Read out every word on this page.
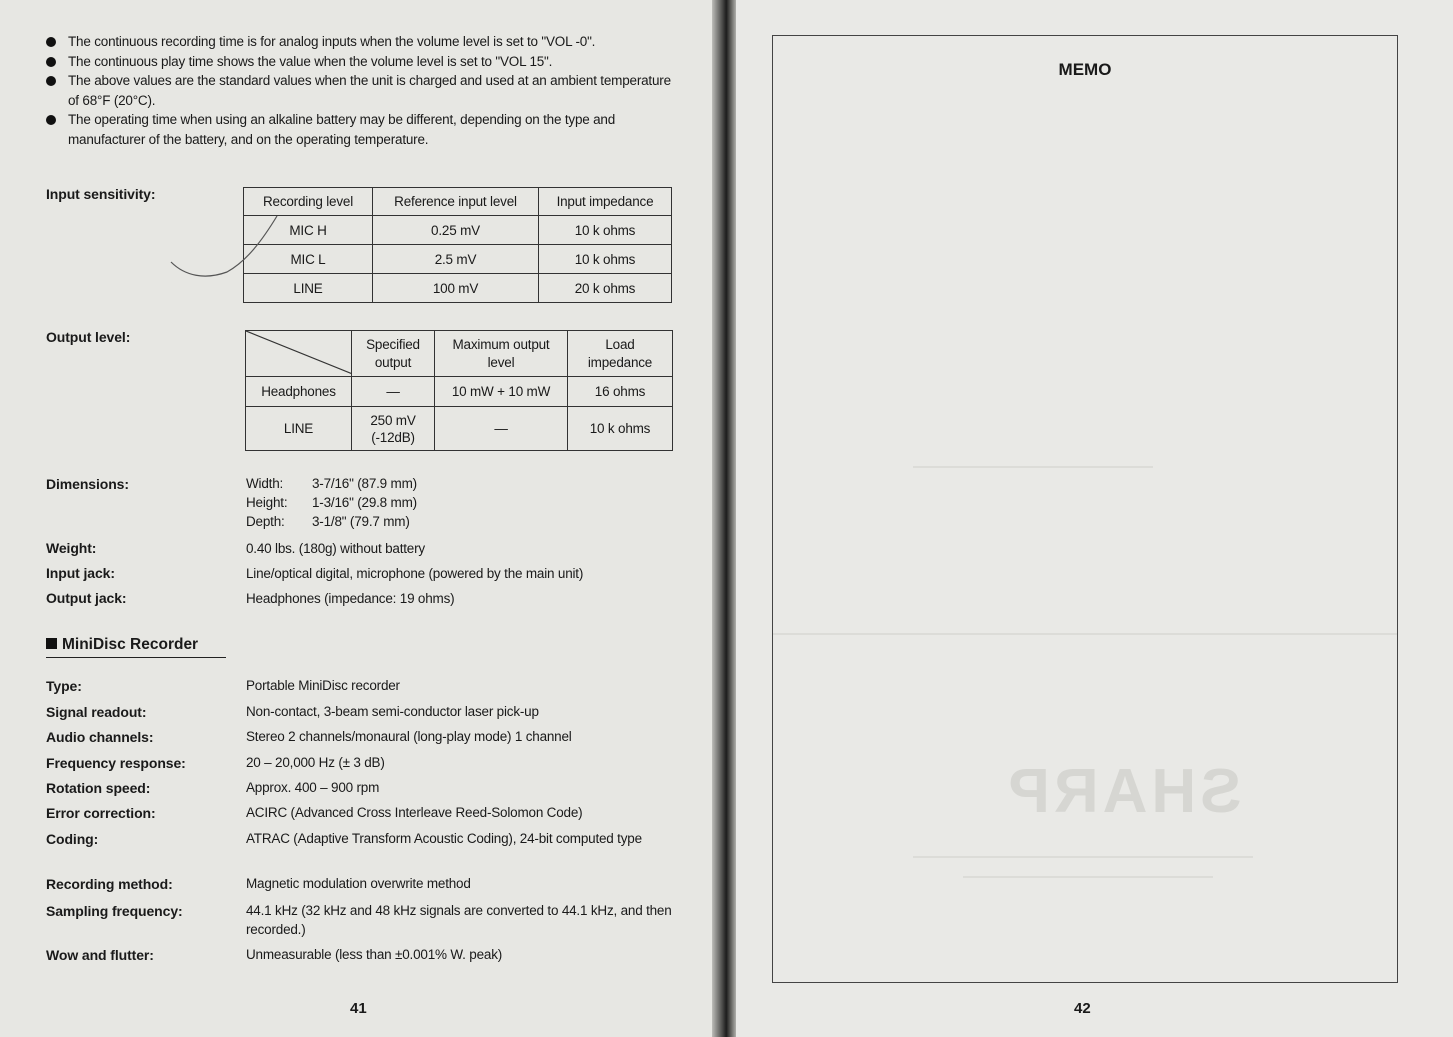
The continuous recording time is for analog inputs when the volume level is set to "VOL -0".
The continuous play time shows the value when the volume level is set to "VOL 15".
The above values are the standard values when the unit is charged and used at an ambient temperature of 68°F (20°C).
The operating time when using an alkaline battery may be different, depending on the type and manufacturer of the battery, and on the operating temperature.
Input sensitivity:	Recording level	Reference input level	Input impedance
MIC H	0.25 mV	10 k ohms
MIC L	2.5 mV	10 k ohms
LINE	100 mV	20 k ohms
Output level:
		Specified output	Maximum output level	Load impedance
Headphones	—	10 mW + 10 mW	16 ohms
LINE	250 mV (-12dB)	—	10 k ohms
Dimensions:	Width:	3-7/16" (87.9 mm)
Height:	1-3/16" (29.8 mm)
Depth:	3-1/8" (79.7 mm)
Weight:	0.40 lbs. (180g) without battery
Input jack:	Line/optical digital, microphone (powered by the main unit)
Output jack:	Headphones (impedance: 19 ohms)
MiniDisc Recorder
Type:	Portable MiniDisc recorder
Signal readout:	Non-contact, 3-beam semi-conductor laser pick-up
Audio channels:	Stereo 2 channels/monaural (long-play mode) 1 channel
Frequency response:	20 – 20,000 Hz (± 3 dB)
Rotation speed:	Approx. 400 – 900 rpm
Error correction:	ACIRC (Advanced Cross Interleave Reed-Solomon Code)
Coding:	ATRAC (Adaptive Transform Acoustic Coding), 24-bit computed type
Recording method:	Magnetic modulation overwrite method
Sampling frequency:	44.1 kHz (32 kHz and 48 kHz signals are converted to 44.1 kHz, and then recorded.)
Wow and flutter:	Unmeasurable (less than ±0.001% W. peak)
41
MEMO
SHARP
42
